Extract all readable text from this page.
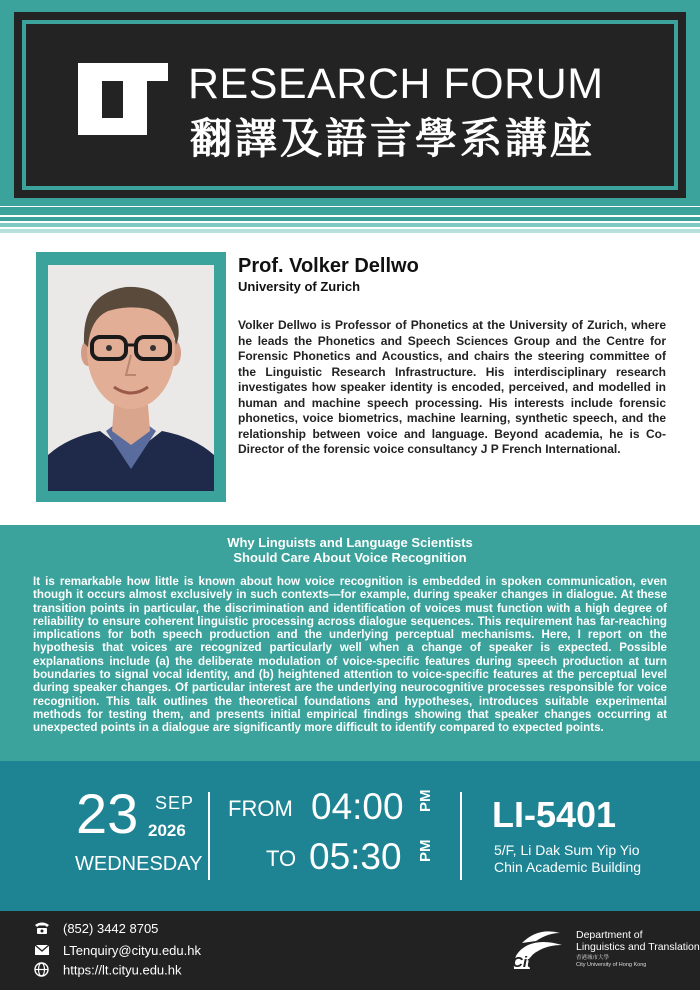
RESEARCH FORUM
翻譯及語言學系講座
Prof. Volker Dellwo
University of Zurich
Volker Dellwo is Professor of Phonetics at the University of Zurich, where he leads the Phonetics and Speech Sciences Group and the Centre for Forensic Phonetics and Acoustics, and chairs the steering committee of the Linguistic Research Infrastructure. His interdisciplinary research investigates how speaker identity is encoded, perceived, and modelled in human and machine speech processing. His interests include forensic phonetics, voice biometrics, machine learning, synthetic speech, and the relationship between voice and language. Beyond academia, he is Co-Director of the forensic voice consultancy J P French International.
Why Linguists and Language Scientists
Should Care About Voice Recognition
It is remarkable how little is known about how voice recognition is embedded in spoken communication, even though it occurs almost exclusively in such contexts—for example, during speaker changes in dialogue. At these transition points in particular, the discrimination and identification of voices must function with a high degree of reliability to ensure coherent linguistic processing across dialogue sequences. This requirement has far-reaching implications for both speech production and the underlying perceptual mechanisms. Here, I report on the hypothesis that voices are recognized particularly well when a change of speaker is expected. Possible explanations include (a) the deliberate modulation of voice-specific features during speech production at turn boundaries to signal vocal identity, and (b) heightened attention to voice-specific features at the perceptual level during speaker changes. Of particular interest are the underlying neurocognitive processes responsible for voice recognition. This talk outlines the theoretical foundations and hypotheses, introduces suitable experimental methods for testing them, and presents initial empirical findings showing that speaker changes occurring at unexpected points in a dialogue are significantly more difficult to identify compared to expected points.
23 SEP
2026
WEDNESDAY
FROM 04:00 PM
TO 05:30 PM
LI-5401
5/F, Li Dak Sum Yip Yio
Chin Academic Building
(852) 3442 8705
LTenquiry@cityu.edu.hk
https://lt.cityu.edu.hk	CityU
Department of
Linguistics and Translation
香港城市大學
City University of Hong Kong
